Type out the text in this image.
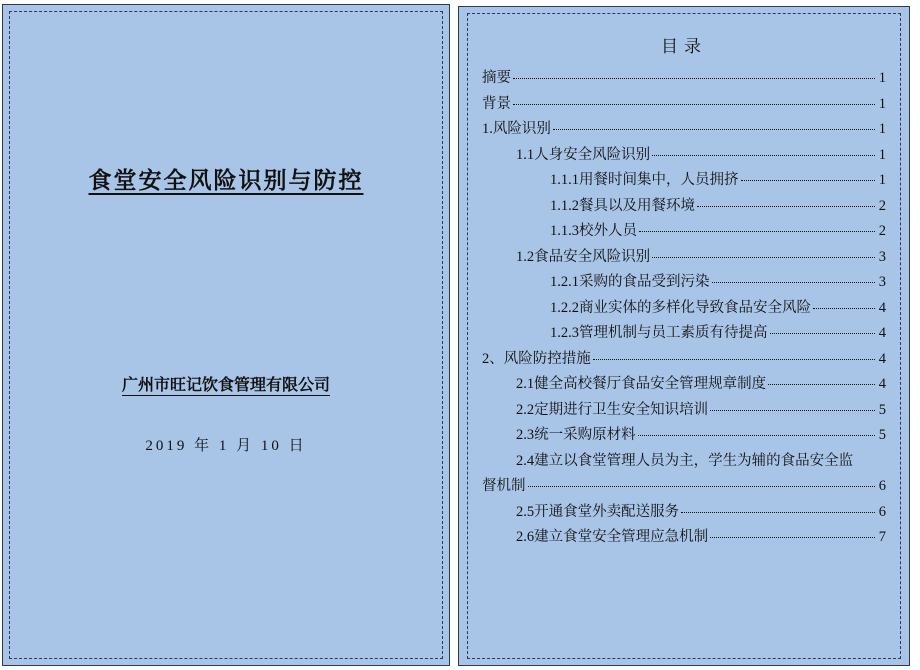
食堂安全风险识别与防控
广州市旺记饮食管理有限公司
2019 年 1 月 10 日
目录
摘要	1
背景	1
1.风险识别	1
1.1人身安全风险识别	1
1.1.1用餐时间集中，人员拥挤	1
1.1.2餐具以及用餐环境	2
1.1.3校外人员	2
1.2食品安全风险识别	3
1.2.1采购的食品受到污染	3
1.2.2商业实体的多样化导致食品安全风险	4
1.2.3管理机制与员工素质有待提高	4
2、风险防控措施	4
2.1健全高校餐厅食品安全管理规章制度	4
2.2定期进行卫生安全知识培训	5
2.3统一采购原材料	5
2.4建立以食堂管理人员为主，学生为辅的食品安全监
督机制	6
2.5开通食堂外卖配送服务	6
2.6建立食堂安全管理应急机制	7
